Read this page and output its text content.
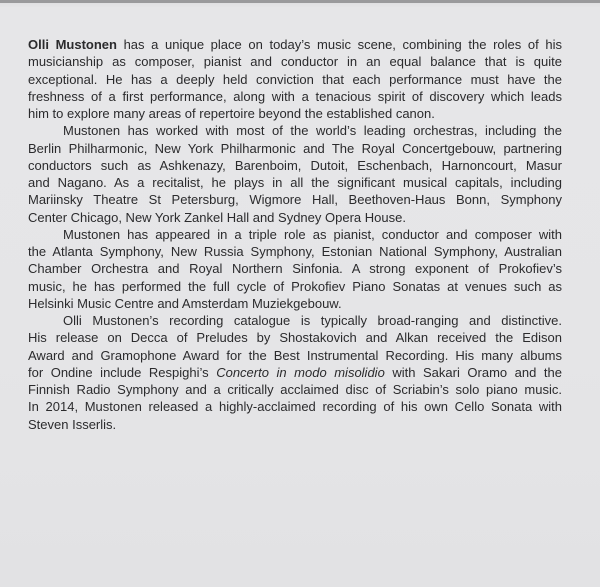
Olli Mustonen has a unique place on today’s music scene, combining the roles of his
musicianship as composer, pianist and conductor in an equal balance that is quite
exceptional. He has a deeply held conviction that each performance must have the
freshness of a first performance, along with a tenacious spirit of discovery which leads
him to explore many areas of repertoire beyond the established canon.
Mustonen has worked with most of the world’s leading orchestras, including the
Berlin Philharmonic, New York Philharmonic and The Royal Concertgebouw, partnering
conductors such as Ashkenazy, Barenboim, Dutoit, Eschenbach, Harnoncourt, Masur
and Nagano. As a recitalist, he plays in all the significant musical capitals, including
Mariinsky Theatre St Petersburg, Wigmore Hall, Beethoven-Haus Bonn, Symphony
Center Chicago, New York Zankel Hall and Sydney Opera House.
Mustonen has appeared in a triple role as pianist, conductor and composer with
the Atlanta Symphony, New Russia Symphony, Estonian National Symphony, Australian
Chamber Orchestra and Royal Northern Sinfonia. A strong exponent of Prokofiev’s
music, he has performed the full cycle of Prokofiev Piano Sonatas at venues such as
Helsinki Music Centre and Amsterdam Muziekgebouw.
Olli Mustonen’s recording catalogue is typically broad-ranging and distinctive.
His release on Decca of Preludes by Shostakovich and Alkan received the Edison
Award and Gramophone Award for the Best Instrumental Recording. His many albums
for Ondine include Respighi’s Concerto in modo misolidio with Sakari Oramo and the
Finnish Radio Symphony and a critically acclaimed disc of Scriabin’s solo piano music.
In 2014, Mustonen released a highly-acclaimed recording of his own Cello Sonata with
Steven Isserlis.
